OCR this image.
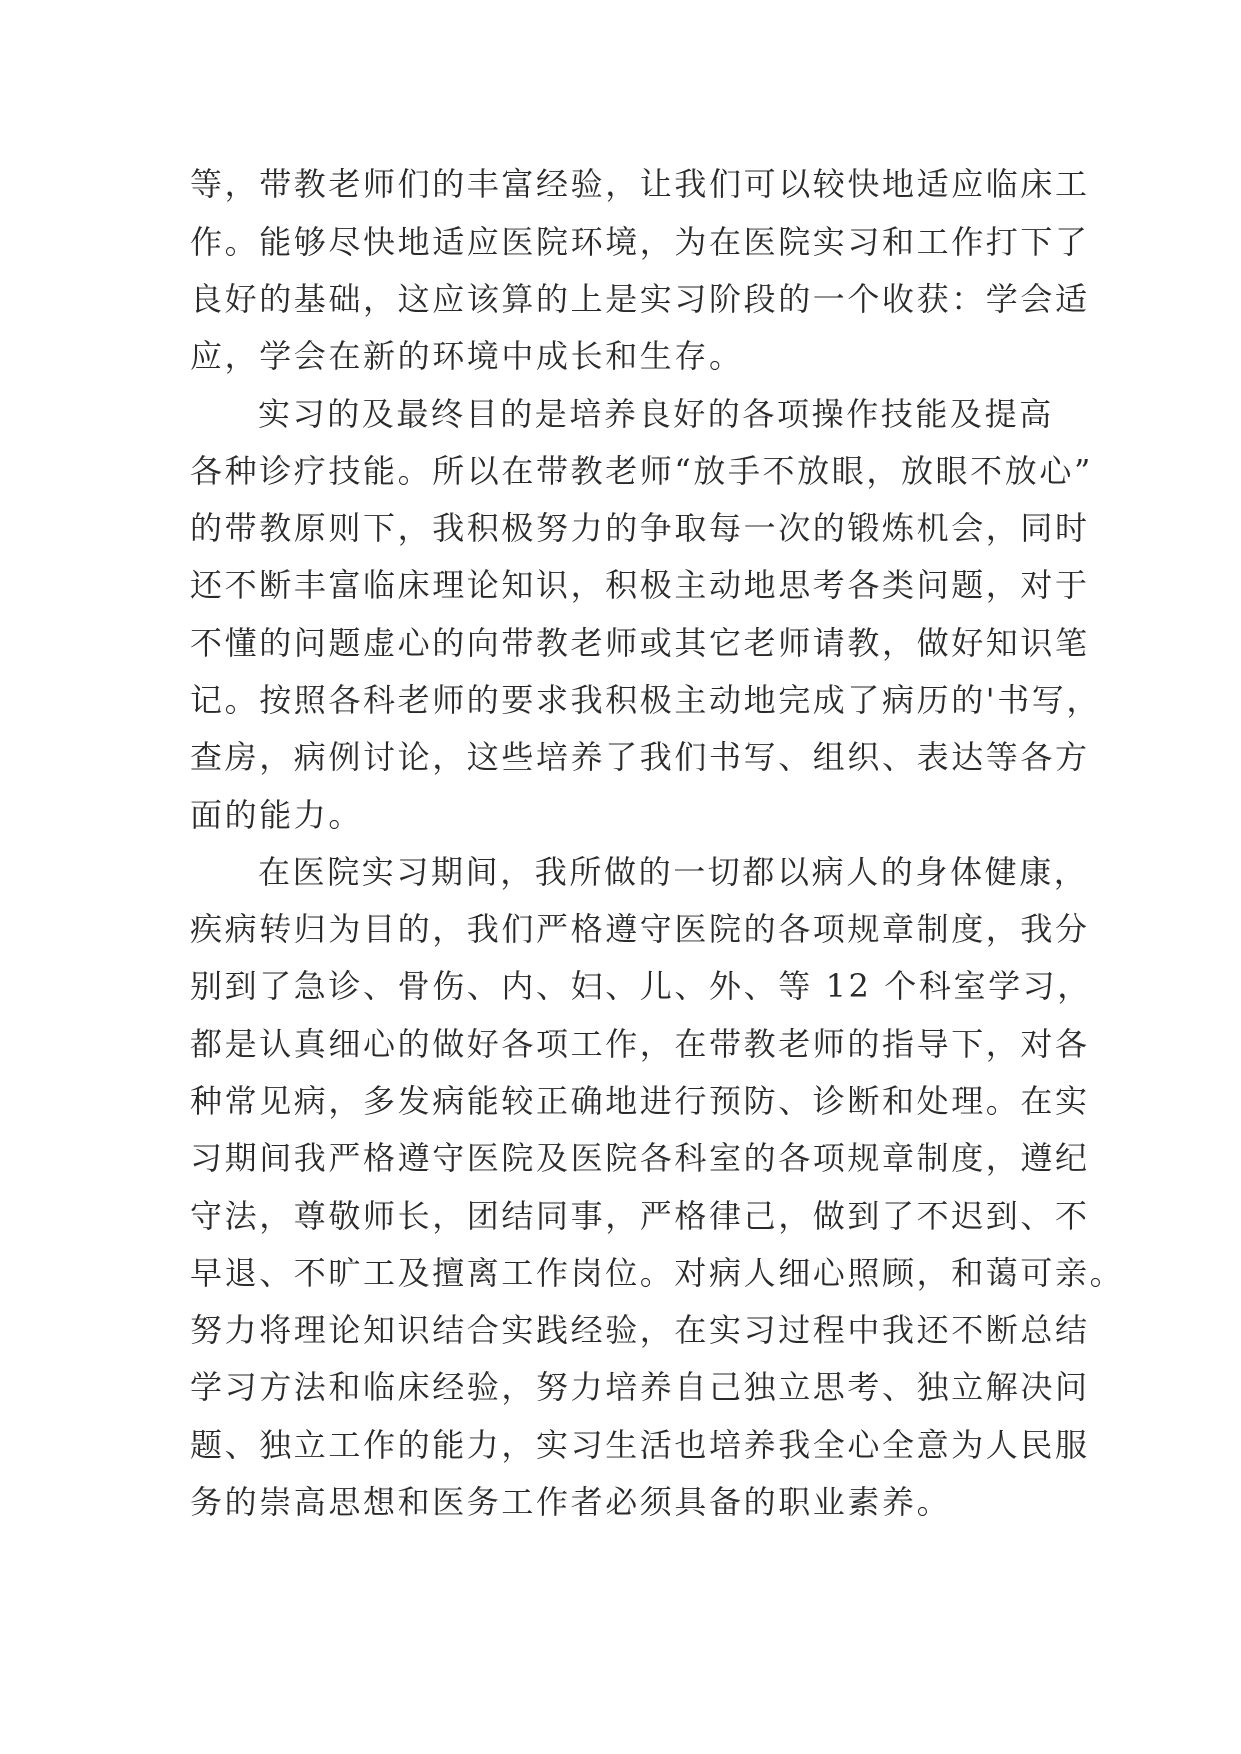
等，带教老师们的丰富经验，让我们可以较快地适应临床工
作。能够尽快地适应医院环境，为在医院实习和工作打下了
良好的基础，这应该算的上是实习阶段的一个收获：学会适
应，学会在新的环境中成长和生存。
实习的及最终目的是培养良好的各项操作技能及提高
各种诊疗技能。所以在带教老师“放手不放眼，放眼不放心”
的带教原则下，我积极努力的争取每一次的锻炼机会，同时
还不断丰富临床理论知识，积极主动地思考各类问题，对于
不懂的问题虚心的向带教老师或其它老师请教，做好知识笔
记。按照各科老师的要求我积极主动地完成了病历的'书写，
查房，病例讨论，这些培养了我们书写、组织、表达等各方
面的能力。
在医院实习期间，我所做的一切都以病人的身体健康，
疾病转归为目的，我们严格遵守医院的各项规章制度，我分
别到了急诊、骨伤、内、妇、儿、外、等 12 个科室学习，
都是认真细心的做好各项工作，在带教老师的指导下，对各
种常见病，多发病能较正确地进行预防、诊断和处理。在实
习期间我严格遵守医院及医院各科室的各项规章制度，遵纪
守法，尊敬师长，团结同事，严格律己，做到了不迟到、不
早退、不旷工及擅离工作岗位。对病人细心照顾，和蔼可亲。
努力将理论知识结合实践经验，在实习过程中我还不断总结
学习方法和临床经验，努力培养自己独立思考、独立解决问
题、独立工作的能力，实习生活也培养我全心全意为人民服
务的崇高思想和医务工作者必须具备的职业素养。
